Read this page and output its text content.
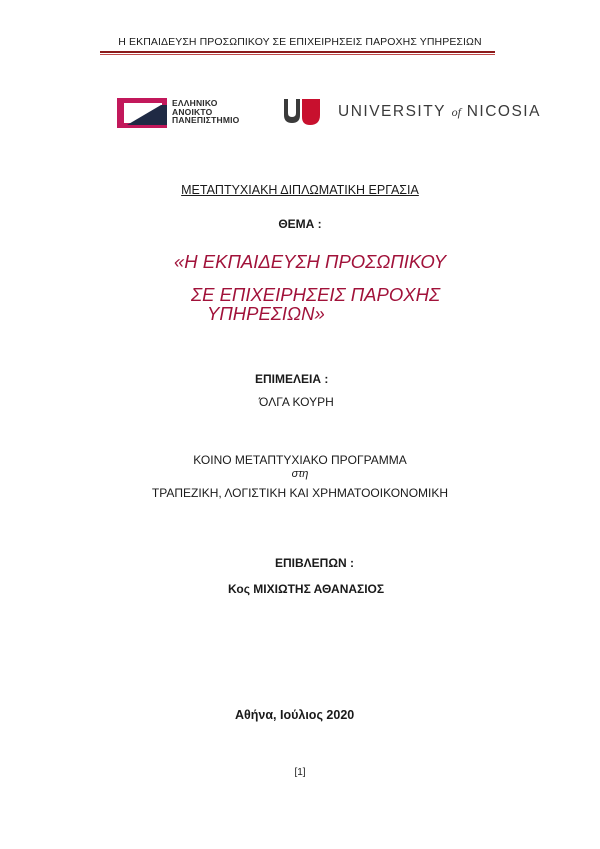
Η ΕΚΠΑΙΔΕΥΣΗ ΠΡΟΣΩΠΙΚΟΥ ΣΕ ΕΠΙΧΕΙΡΗΣΕΙΣ ΠΑΡΟΧΗΣ ΥΠΗΡΕΣΙΩΝ
ΕΛΛΗΝΙΚΟ
ΑΝΟΙΚΤΟ
ΠΑΝΕΠΙΣΤΗΜΙΟ	UNIVERSITY of NICOSIA
ΜΕΤΑΠΤΥΧΙΑΚΗ ΔΙΠΛΩΜΑΤΙΚΗ ΕΡΓΑΣΙΑ
ΘΕΜΑ :
«Η ΕΚΠΑΙΔΕΥΣΗ ΠΡΟΣΩΠΙΚΟΥ
ΣΕ ΕΠΙΧΕΙΡΗΣΕΙΣ ΠΑΡΟΧΗΣ
ΥΠΗΡΕΣΙΩΝ»
ΕΠΙΜΕΛΕΙΑ :
ΌΛΓΑ ΚΟΥΡΗ
ΚΟΙΝΟ ΜΕΤΑΠΤΥΧΙΑΚΟ ΠΡΟΓΡΑΜΜΑ
στη
ΤΡΑΠΕΖΙΚΗ, ΛΟΓΙΣΤΙΚΗ ΚΑΙ ΧΡΗΜΑΤΟΟΙΚΟΝΟΜΙΚΗ
ΕΠΙΒΛΕΠΩΝ :
Κος ΜΙΧΙΩΤΗΣ ΑΘΑΝΑΣΙΟΣ
Αθήνα, Ιούλιος 2020
[1]
